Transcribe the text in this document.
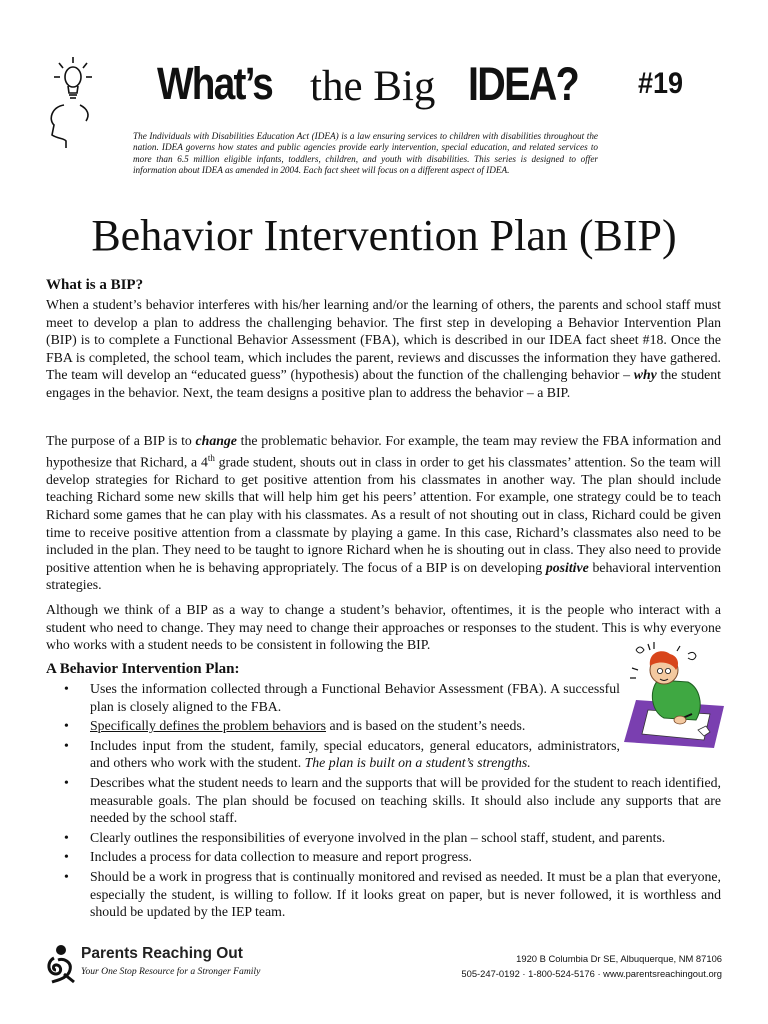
What’s the Big IDEA? #19
The Individuals with Disabilities Education Act (IDEA) is a law ensuring services to children with disabilities throughout the nation. IDEA governs how states and public agencies provide early intervention, special education, and related services to more than 6.5 million eligible infants, toddlers, children, and youth with disabilities. This series is designed to offer information about IDEA as amended in 2004. Each fact sheet will focus on a different aspect of IDEA.
Behavior Intervention Plan (BIP)
What is a BIP?
When a student’s behavior interferes with his/her learning and/or the learning of others, the parents and school staff must meet to develop a plan to address the challenging behavior. The first step in developing a Behavior Intervention Plan (BIP) is to complete a Functional Behavior Assessment (FBA), which is described in our IDEA fact sheet #18. Once the FBA is completed, the school team, which includes the parent, reviews and discusses the information they have gathered. The team will develop an “educated guess” (hypothesis) about the function of the challenging behavior – why the student engages in the behavior. Next, the team designs a positive plan to address the behavior – a BIP.
The purpose of a BIP is to change the problematic behavior. For example, the team may review the FBA information and hypothesize that Richard, a 4th grade student, shouts out in class in order to get his classmates’ attention. So the team will develop strategies for Richard to get positive attention from his classmates in another way. The plan should include teaching Richard some new skills that will help him get his peers’ attention. For example, one strategy could be to teach Richard some games that he can play with his classmates. As a result of not shouting out in class, Richard could be given time to receive positive attention from a classmate by playing a game. In this case, Richard’s classmates also need to be included in the plan. They need to be taught to ignore Richard when he is shouting out in class. They also need to provide positive attention when he is behaving appropriately. The focus of a BIP is on developing positive behavioral intervention strategies.
Although we think of a BIP as a way to change a student’s behavior, oftentimes, it is the people who interact with a student who need to change. They may need to change their approaches or responses to the student. This is why everyone who works with a student needs to be consistent in following the BIP.
A Behavior Intervention Plan:
• Uses the information collected through a Functional Behavior Assessment (FBA). A successful plan is closely aligned to the FBA.
• Specifically defines the problem behaviors and is based on the student’s needs.
• Includes input from the student, family, special educators, general educators, administrators, and others who work with the student. The plan is built on a student’s strengths.
• Describes what the student needs to learn and the supports that will be provided for the student to reach identified, measurable goals. The plan should be focused on teaching skills. It should also include any supports that are needed by the school staff.
• Clearly outlines the responsibilities of everyone involved in the plan – school staff, student, and parents.
• Includes a process for data collection to measure and report progress.
• Should be a work in progress that is continually monitored and revised as needed. It must be a plan that everyone, especially the student, is willing to follow. If it looks great on paper, but is never followed, it is worthless and should be updated by the IEP team.
Parents Reaching Out
Your One Stop Resource for a Stronger Family
1920 B Columbia Dr SE, Albuquerque, NM 87106
505-247-0192 · 1-800-524-5176 · www.parentsreachingout.org
